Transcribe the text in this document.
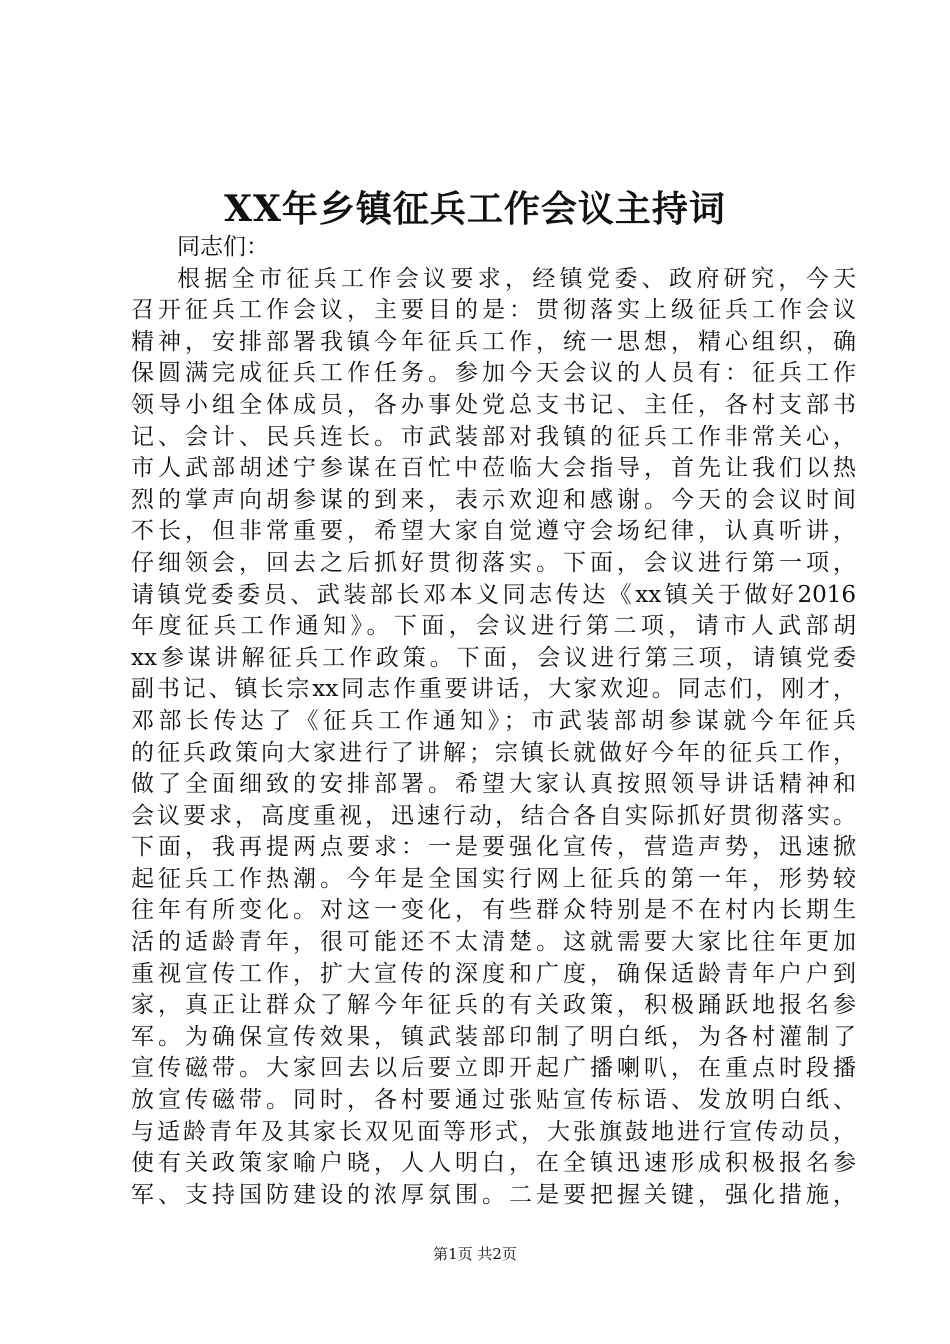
XX年乡镇征兵工作会议主持词
同志们：
根据全市征兵工作会议要求，经镇党委、政府研究，今天
召开征兵工作会议，主要目的是：贯彻落实上级征兵工作会议
精神，安排部署我镇今年征兵工作，统一思想，精心组织，确
保圆满完成征兵工作任务。参加今天会议的人员有：征兵工作
领导小组全体成员，各办事处党总支书记、主任，各村支部书
记、会计、民兵连长。市武装部对我镇的征兵工作非常关心，
市人武部胡述宁参谋在百忙中莅临大会指导，首先让我们以热
烈的掌声向胡参谋的到来，表示欢迎和感谢。今天的会议时间
不长，但非常重要，希望大家自觉遵守会场纪律，认真听讲，
仔细领会，回去之后抓好贯彻落实。下面，会议进行第一项，
请镇党委委员、武装部长邓本义同志传达《xx镇关于做好2016
年度征兵工作通知》。下面，会议进行第二项，请市人武部胡
xx参谋讲解征兵工作政策。下面，会议进行第三项，请镇党委
副书记、镇长宗xx同志作重要讲话，大家欢迎。同志们，刚才，
邓部长传达了《征兵工作通知》；市武装部胡参谋就今年征兵
的征兵政策向大家进行了讲解；宗镇长就做好今年的征兵工作，
做了全面细致的安排部署。希望大家认真按照领导讲话精神和
会议要求，高度重视，迅速行动，结合各自实际抓好贯彻落实。
下面，我再提两点要求：一是要强化宣传，营造声势，迅速掀
起征兵工作热潮。今年是全国实行网上征兵的第一年，形势较
往年有所变化。对这一变化，有些群众特别是不在村内长期生
活的适龄青年，很可能还不太清楚。这就需要大家比往年更加
重视宣传工作，扩大宣传的深度和广度，确保适龄青年户户到
家，真正让群众了解今年征兵的有关政策，积极踊跃地报名参
军。为确保宣传效果，镇武装部印制了明白纸，为各村灌制了
宣传磁带。大家回去以后要立即开起广播喇叭，在重点时段播
放宣传磁带。同时，各村要通过张贴宣传标语、发放明白纸、
与适龄青年及其家长双见面等形式，大张旗鼓地进行宣传动员，
使有关政策家喻户晓，人人明白，在全镇迅速形成积极报名参
军、支持国防建设的浓厚氛围。二是要把握关键，强化措施，
第1页 共2页
